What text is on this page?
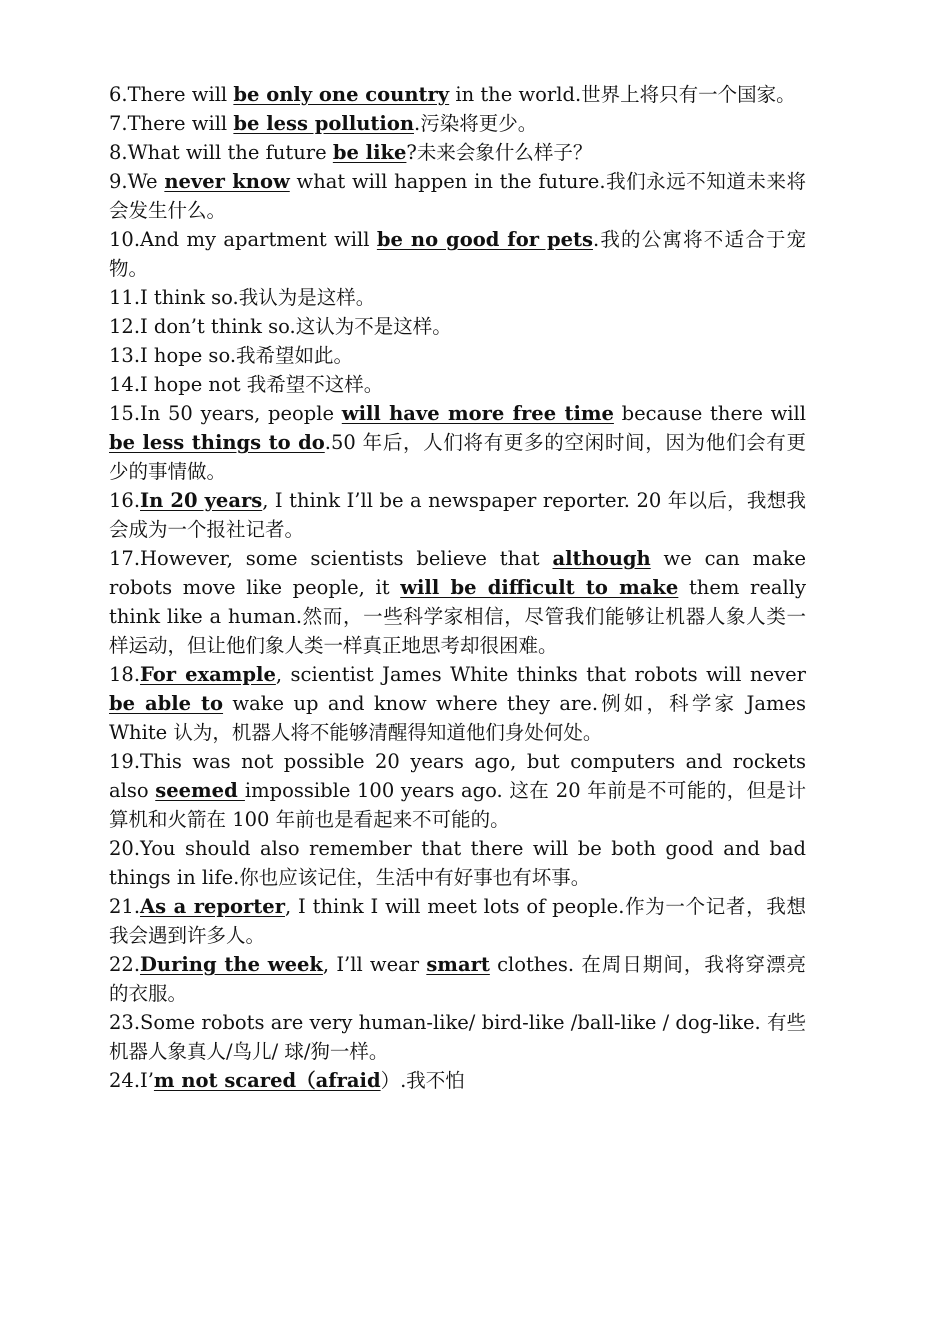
6.There will be only one country in the world.世界上将只有一个国家。

7.There will be less pollution.污染将更少。

8.What will the future be like?未来会象什么样子？

9.We never know what will happen in the future.我们永远不知道未来将会发生什么。

10.And my apartment will be no good for pets.我的公寓将不适合于宠物。

11.I think so.我认为是这样。

12.I don’t think so.这认为不是这样。

13.I hope so.我希望如此。

14.I hope not 我希望不这样。

15.In 50 years, people will have more free time because there will be less things to do.50 年后，人们将有更多的空闲时间，因为他们会有更少的事情做。

16.In 20 years, I think I’ll be a newspaper reporter. 20 年以后，我想我会成为一个报社记者。

17.However, some scientists believe that although we can make robots move like people, it will be difficult to make them really think like a human.然而，一些科学家相信，尽管我们能够让机器人象人类一样运动，但让他们象人类一样真正地思考却很困难。

18.For example, scientist James White thinks that robots will never be able to wake up and know where they are.例如，科学家 James White 认为，机器人将不能够清醒得知道他们身处何处。

19.This was not possible 20 years ago, but computers and rockets also seemed impossible 100 years ago. 这在 20 年前是不可能的，但是计算机和火箭在 100 年前也是看起来不可能的。

20.You should also remember that there will be both good and bad things in life.你也应该记住，生活中有好事也有坏事。

21.As a reporter, I think I will meet lots of people.作为一个记者，我想我会遇到许多人。

22.During the week, I’ll wear smart clothes. 在周日期间，我将穿漂亮的衣服。

23.Some robots are very human-like/ bird-like /ball-like / dog-like. 有些机器人象真人/鸟儿/ 球/狗一样。

24.I’m not scared（afraid）.我不怕
